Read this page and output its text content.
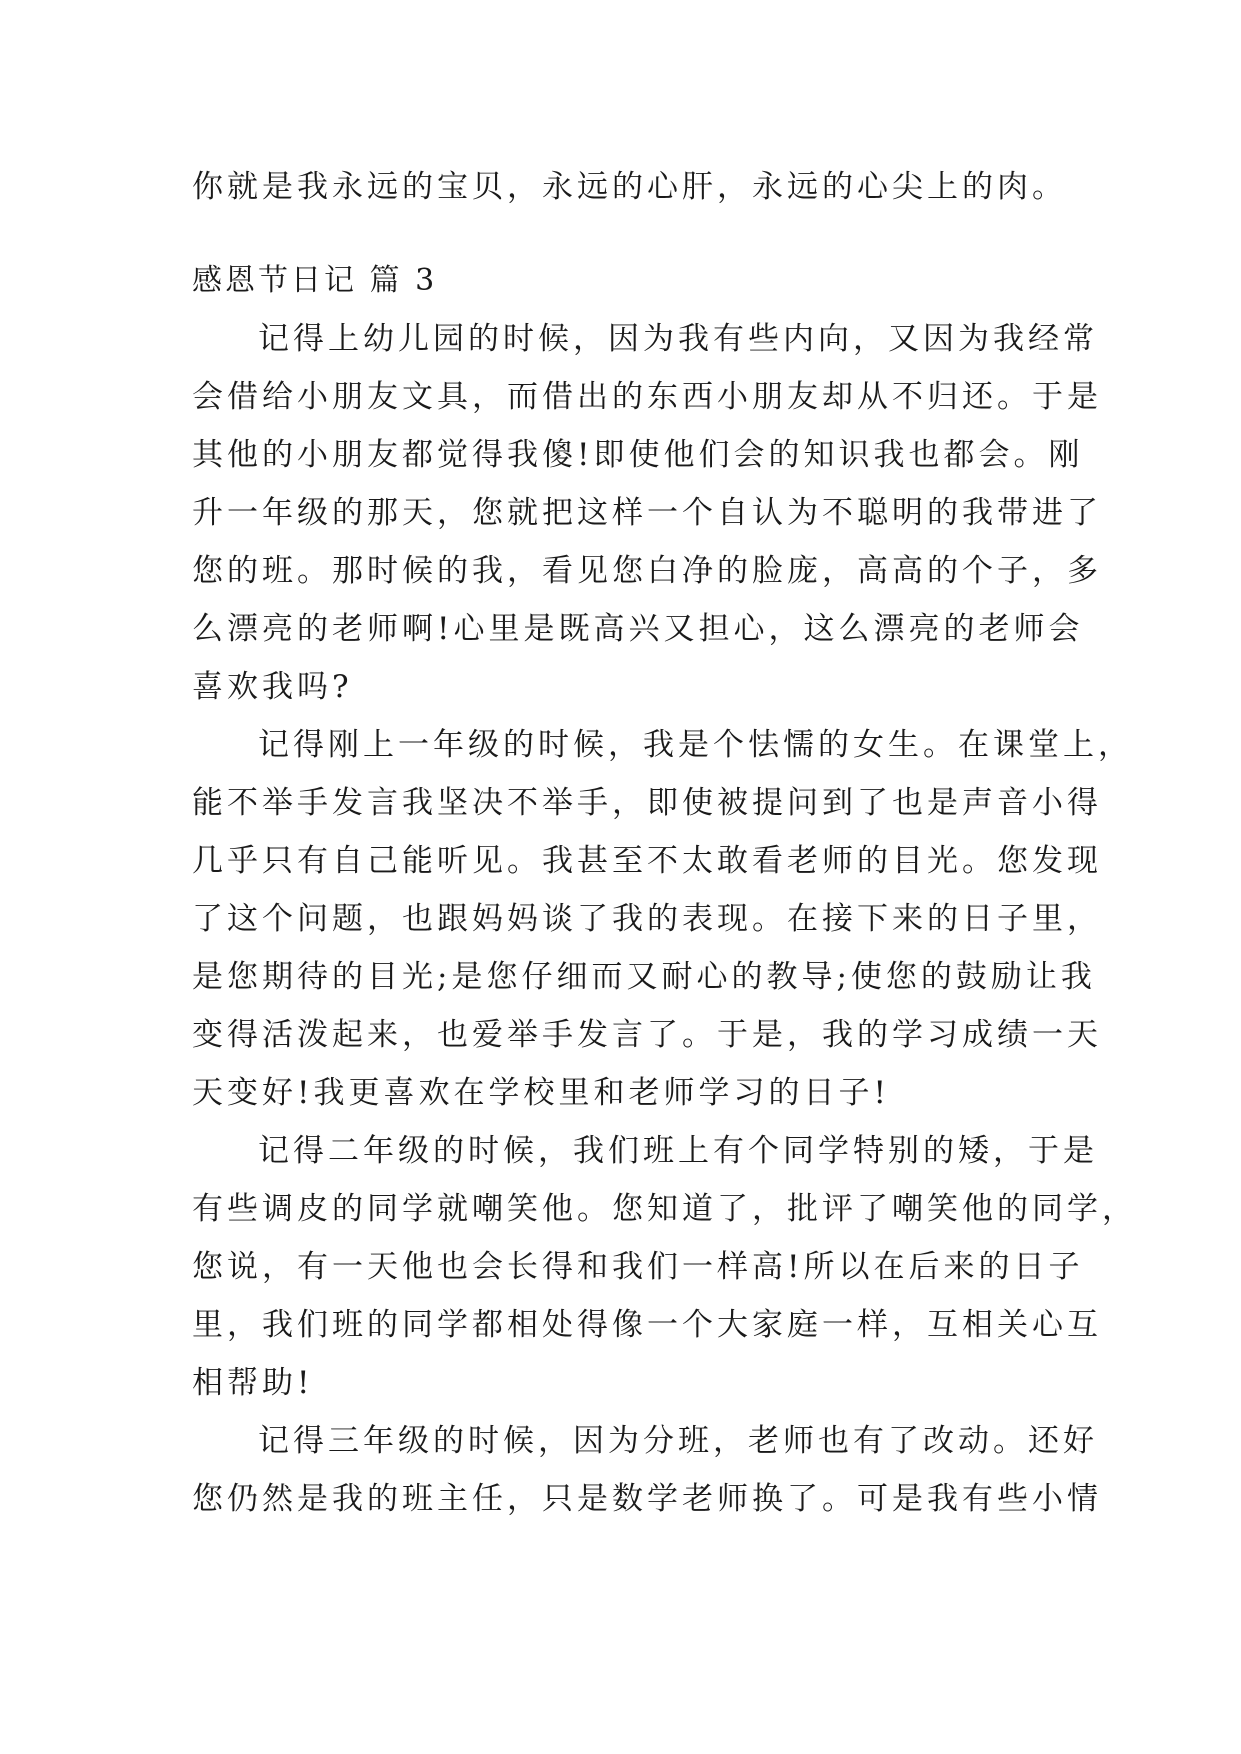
你就是我永远的宝贝，永远的心肝，永远的心尖上的肉。

感恩节日记 篇 3

记得上幼儿园的时候，因为我有些内向，又因为我经常

会借给小朋友文具，而借出的东西小朋友却从不归还。于是

其他的小朋友都觉得我傻!即使他们会的知识我也都会。刚

升一年级的那天，您就把这样一个自认为不聪明的我带进了

您的班。那时候的我，看见您白净的脸庞，高高的个子，多

么漂亮的老师啊!心里是既高兴又担心，这么漂亮的老师会

喜欢我吗?

记得刚上一年级的时候，我是个怯懦的女生。在课堂上，

能不举手发言我坚决不举手，即使被提问到了也是声音小得

几乎只有自己能听见。我甚至不太敢看老师的目光。您发现

了这个问题，也跟妈妈谈了我的表现。在接下来的日子里，

是您期待的目光;是您仔细而又耐心的教导;使您的鼓励让我

变得活泼起来，也爱举手发言了。于是，我的学习成绩一天

天变好!我更喜欢在学校里和老师学习的日子!

记得二年级的时候，我们班上有个同学特别的矮，于是

有些调皮的同学就嘲笑他。您知道了，批评了嘲笑他的同学，

您说，有一天他也会长得和我们一样高!所以在后来的日子

里，我们班的同学都相处得像一个大家庭一样，互相关心互

相帮助!

记得三年级的时候，因为分班，老师也有了改动。还好

您仍然是我的班主任，只是数学老师换了。可是我有些小情
